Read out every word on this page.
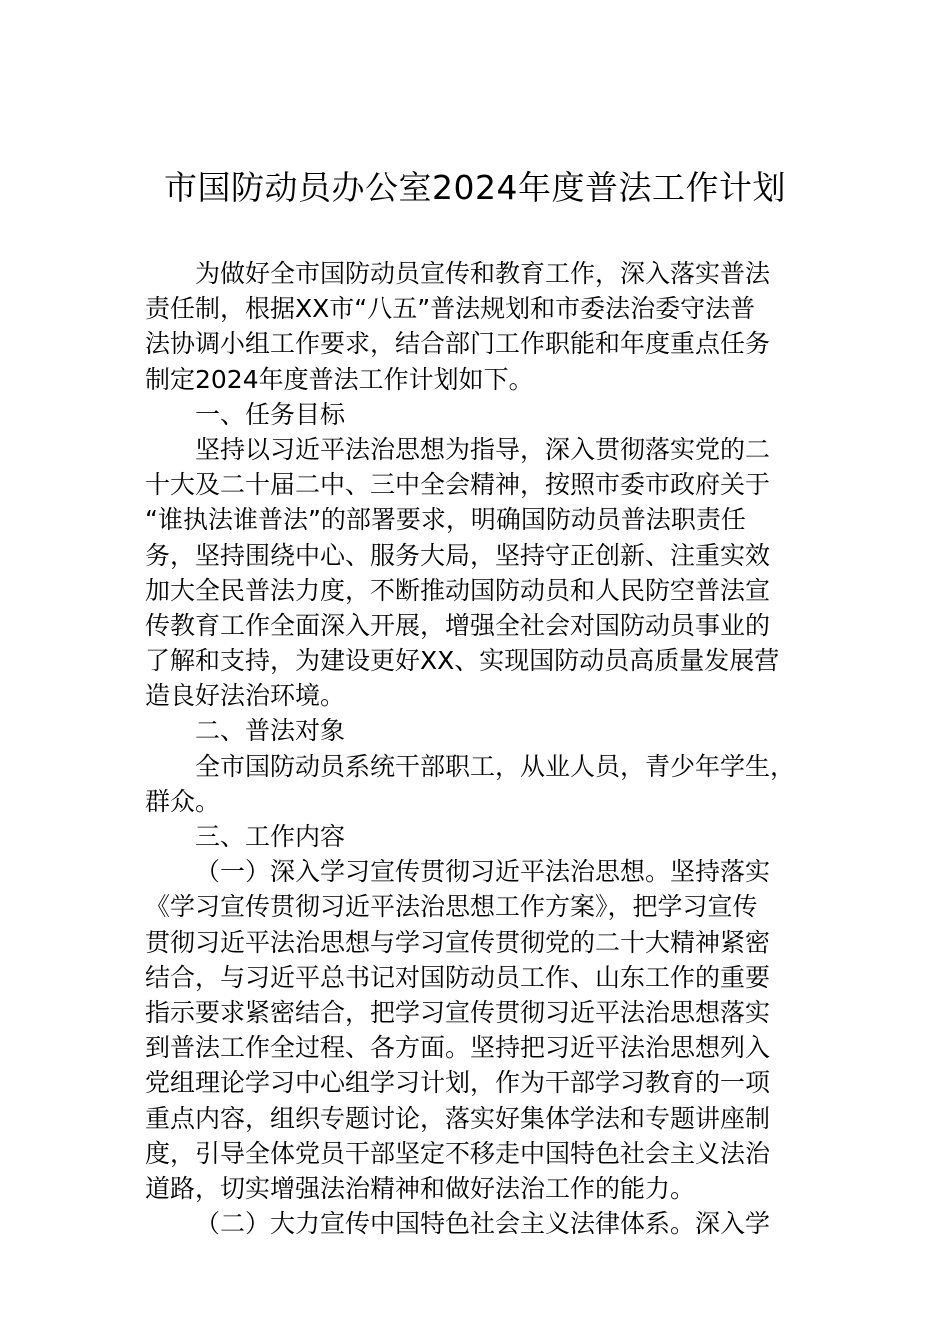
市国防动员办公室2024年度普法工作计划
为做好全市国防动员宣传和教育工作，深入落实普法
责任制，根据XX市“八五”普法规划和市委法治委守法普
法协调小组工作要求，结合部门工作职能和年度重点任务
制定2024年度普法工作计划如下。
一、任务目标
坚持以习近平法治思想为指导，深入贯彻落实党的二
十大及二十届二中、三中全会精神，按照市委市政府关于
“谁执法谁普法”的部署要求，明确国防动员普法职责任
务，坚持围绕中心、服务大局，坚持守正创新、注重实效
加大全民普法力度，不断推动国防动员和人民防空普法宣
传教育工作全面深入开展，增强全社会对国防动员事业的
了解和支持，为建设更好XX、实现国防动员高质量发展营
造良好法治环境。
二、普法对象
全市国防动员系统干部职工，从业人员，青少年学生，
群众。
三、工作内容
（一）深入学习宣传贯彻习近平法治思想。坚持落实
《学习宣传贯彻习近平法治思想工作方案》，把学习宣传
贯彻习近平法治思想与学习宣传贯彻党的二十大精神紧密
结合，与习近平总书记对国防动员工作、山东工作的重要
指示要求紧密结合，把学习宣传贯彻习近平法治思想落实
到普法工作全过程、各方面。坚持把习近平法治思想列入
党组理论学习中心组学习计划，作为干部学习教育的一项
重点内容，组织专题讨论，落实好集体学法和专题讲座制
度，引导全体党员干部坚定不移走中国特色社会主义法治
道路，切实增强法治精神和做好法治工作的能力。
（二）大力宣传中国特色社会主义法律体系。深入学
